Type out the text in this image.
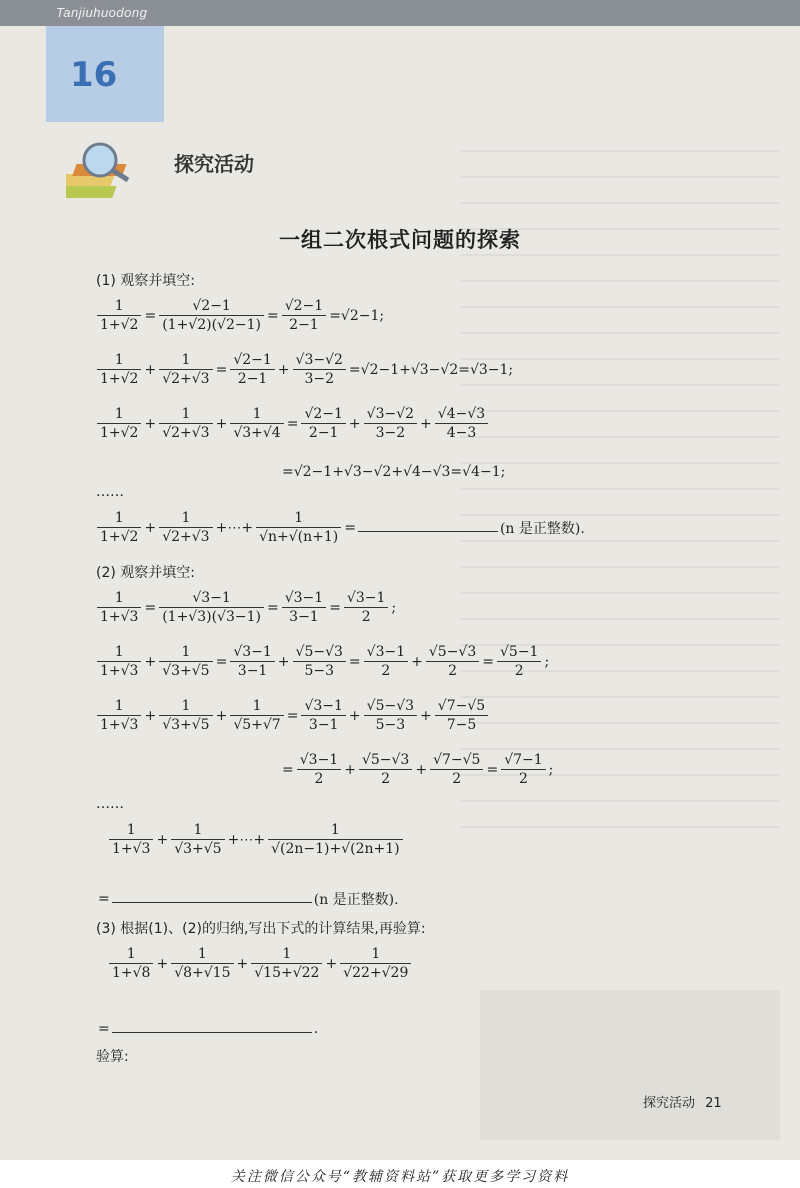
Tanjiuhuodong
16
探究活动
一组二次根式问题的探索
(1) 观察并填空:
$\frac{1}{1+√2} = \frac{√2-1}{(1+√2)(√2-1)} = \frac{√2-1}{2-1} =√2-1$;
$\frac{1}{1+√2} + \frac{1}{√2+√3} = \frac{√2-1}{2-1} + \frac{√3-√2}{3-2} =√2-1+√3-√2=√3-1$;
$\frac{1}{1+√2} + \frac{1}{√2+√3} + \frac{1}{√3+√4} = \frac{√2-1}{2-1} + \frac{√3-√2}{3-2} + \frac{√4-√3}{4-3}$
=√2−1+√3−√2+√4−√3=√4−1;
……
$\frac{1}{1+√2} + \frac{1}{√2+√3}$ +⋯+ $\frac{1}{√n+√(n+1)}$ =	(n 是正整数).
(2) 观察并填空:
$\frac{1}{1+√3} = \frac{√3-1}{(1+√3)(√3-1)} = \frac{√3-1}{3-1} = \frac{√3-1}{2}$ ;
$\frac{1}{1+√3} + \frac{1}{√3+√5} = \frac{√3-1}{3-1} + \frac{√5-√3}{5-3} = \frac{√3-1}{2} + \frac{√5-√3}{2} = \frac{√5-1}{2}$ ;
$\frac{1}{1+√3} + \frac{1}{√3+√5} + \frac{1}{√5+√7} = \frac{√3-1}{3-1} + \frac{√5-√3}{5-3} + \frac{√7-√5}{7-5}$
= $\frac{√3-1}{2} + \frac{√5-√3}{2} + \frac{√7-√5}{2} = \frac{√7-1}{2}$ ;
……
$\frac{1}{1+√3} + \frac{1}{√3+√5}$ +⋯+ $\frac{1}{√(2n-1)+√(2n+1)}$
=	(n 是正整数).
(3) 根据(1)、(2)的归纳,写出下式的计算结果,再验算:
$\frac{1}{1+√8} + \frac{1}{√8+√15} + \frac{1}{√15+√22} + \frac{1}{√22+√29}$
=	.
验算:
探究活动 21
关注微信公众号“教辅资料站”获取更多学习资料
